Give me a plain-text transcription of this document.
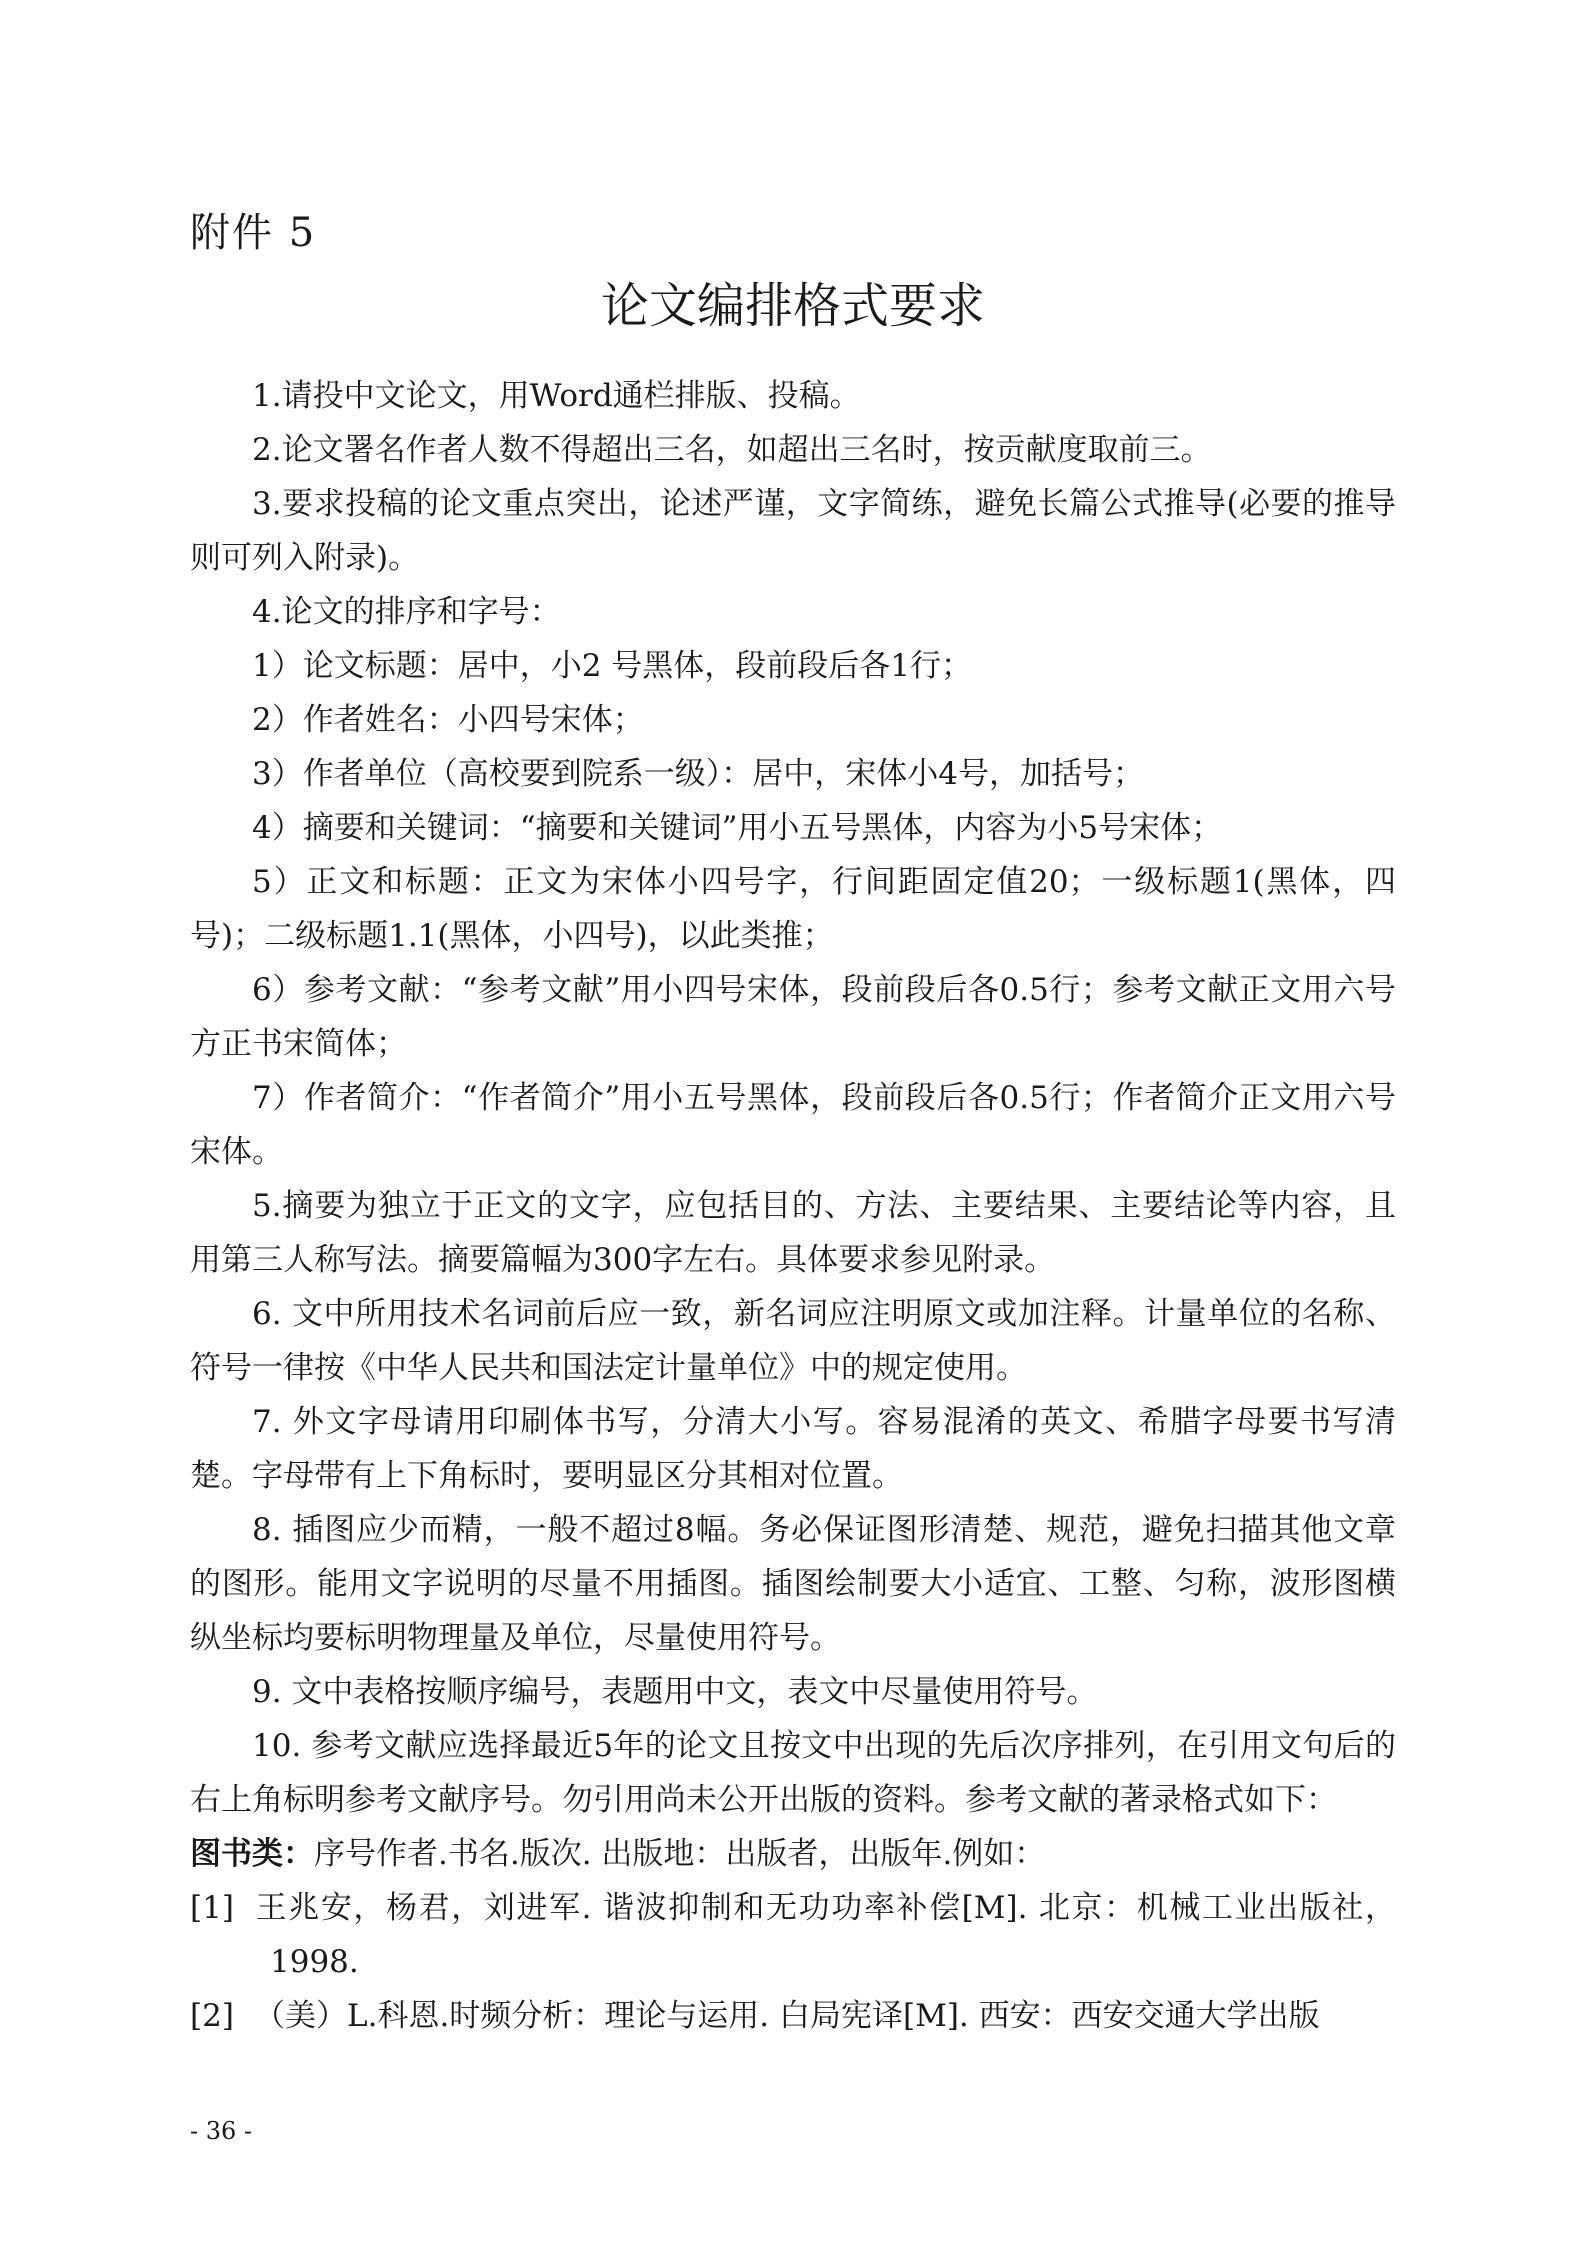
附件 5
论文编排格式要求

1.请投中文论文，用Word通栏排版、投稿。

2.论文署名作者人数不得超出三名，如超出三名时，按贡献度取前三。

3.要求投稿的论文重点突出，论述严谨，文字简练，避免长篇公式推导(必要的推导则可列入附录)。

4.论文的排序和字号：

1）论文标题：居中，小2 号黑体，段前段后各1行；

2）作者姓名：小四号宋体；

3）作者单位（高校要到院系一级）：居中，宋体小4号，加括号；

4）摘要和关键词：“摘要和关键词”用小五号黑体，内容为小5号宋体；

5）正文和标题：正文为宋体小四号字，行间距固定值20；一级标题1(黑体，四号)；二级标题1.1(黑体，小四号)，以此类推；

6）参考文献：“参考文献”用小四号宋体，段前段后各0.5行；参考文献正文用六号方正书宋简体；

7）作者简介：“作者简介”用小五号黑体，段前段后各0.5行；作者简介正文用六号宋体。

5.摘要为独立于正文的文字，应包括目的、方法、主要结果、主要结论等内容，且用第三人称写法。摘要篇幅为300字左右。具体要求参见附录。

6. 文中所用技术名词前后应一致，新名词应注明原文或加注释。计量单位的名称、符号一律按《中华人民共和国法定计量单位》中的规定使用。

7. 外文字母请用印刷体书写，分清大小写。容易混淆的英文、希腊字母要书写清楚。字母带有上下角标时，要明显区分其相对位置。

8. 插图应少而精，一般不超过8幅。务必保证图形清楚、规范，避免扫描其他文章的图形。能用文字说明的尽量不用插图。插图绘制要大小适宜、工整、匀称，波形图横纵坐标均要标明物理量及单位，尽量使用符号。

9. 文中表格按顺序编号，表题用中文，表文中尽量使用符号。

10. 参考文献应选择最近5年的论文且按文中出现的先后次序排列，在引用文句后的右上角标明参考文献序号。勿引用尚未公开出版的资料。参考文献的著录格式如下：

图书类：序号作者.书名.版次. 出版地：出版者，出版年.例如：

[1] 王兆安，杨君，刘进军. 谐波抑制和无功功率补偿[M]. 北京：机械工业出版社，1998.
[2] （美）L.科恩.时频分析：理论与运用. 白局宪译[M]. 西安：西安交通大学出版
- 36 -
